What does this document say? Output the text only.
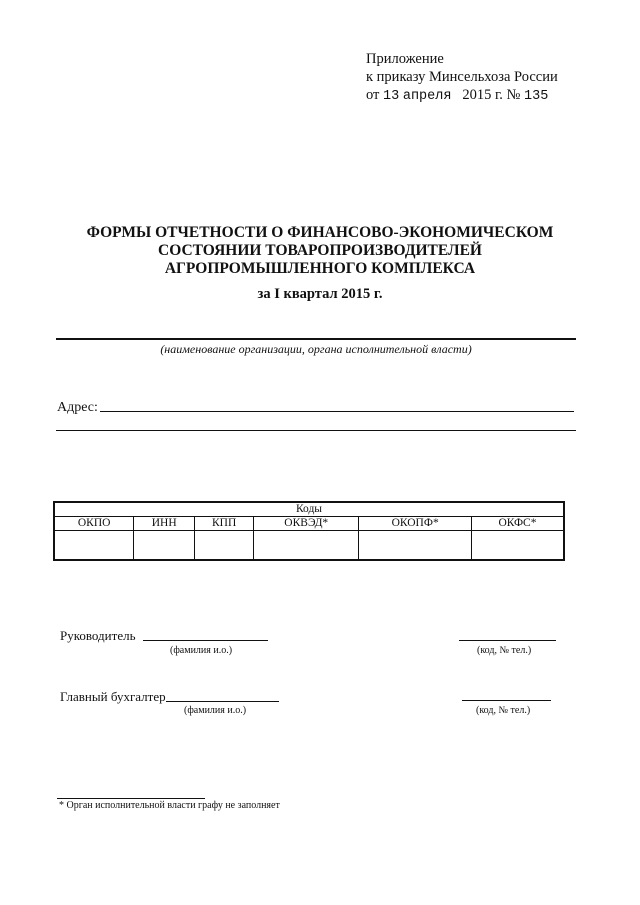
Приложение
к приказу Минсельхоза России
от 13 апреля 2015 г. № 135
ФОРМЫ ОТЧЕТНОСТИ О ФИНАНСОВО-ЭКОНОМИЧЕСКОМ
СОСТОЯНИИ ТОВАРОПРОИЗВОДИТЕЛЕЙ
АГРОПРОМЫШЛЕННОГО КОМПЛЕКСА
за I квартал 2015 г.
(наименование организации, органа исполнительной власти)
Адрес:
Коды					
ОКПО	ИНН	КПП	ОКВЭД*	ОКОПФ*	ОКФС*

Руководитель
(фамилия и.о.)	(код, № тел.)
Главный бухгалтер
(фамилия и.о.)	(код, № тел.)
* Орган исполнительной власти графу не заполняет
